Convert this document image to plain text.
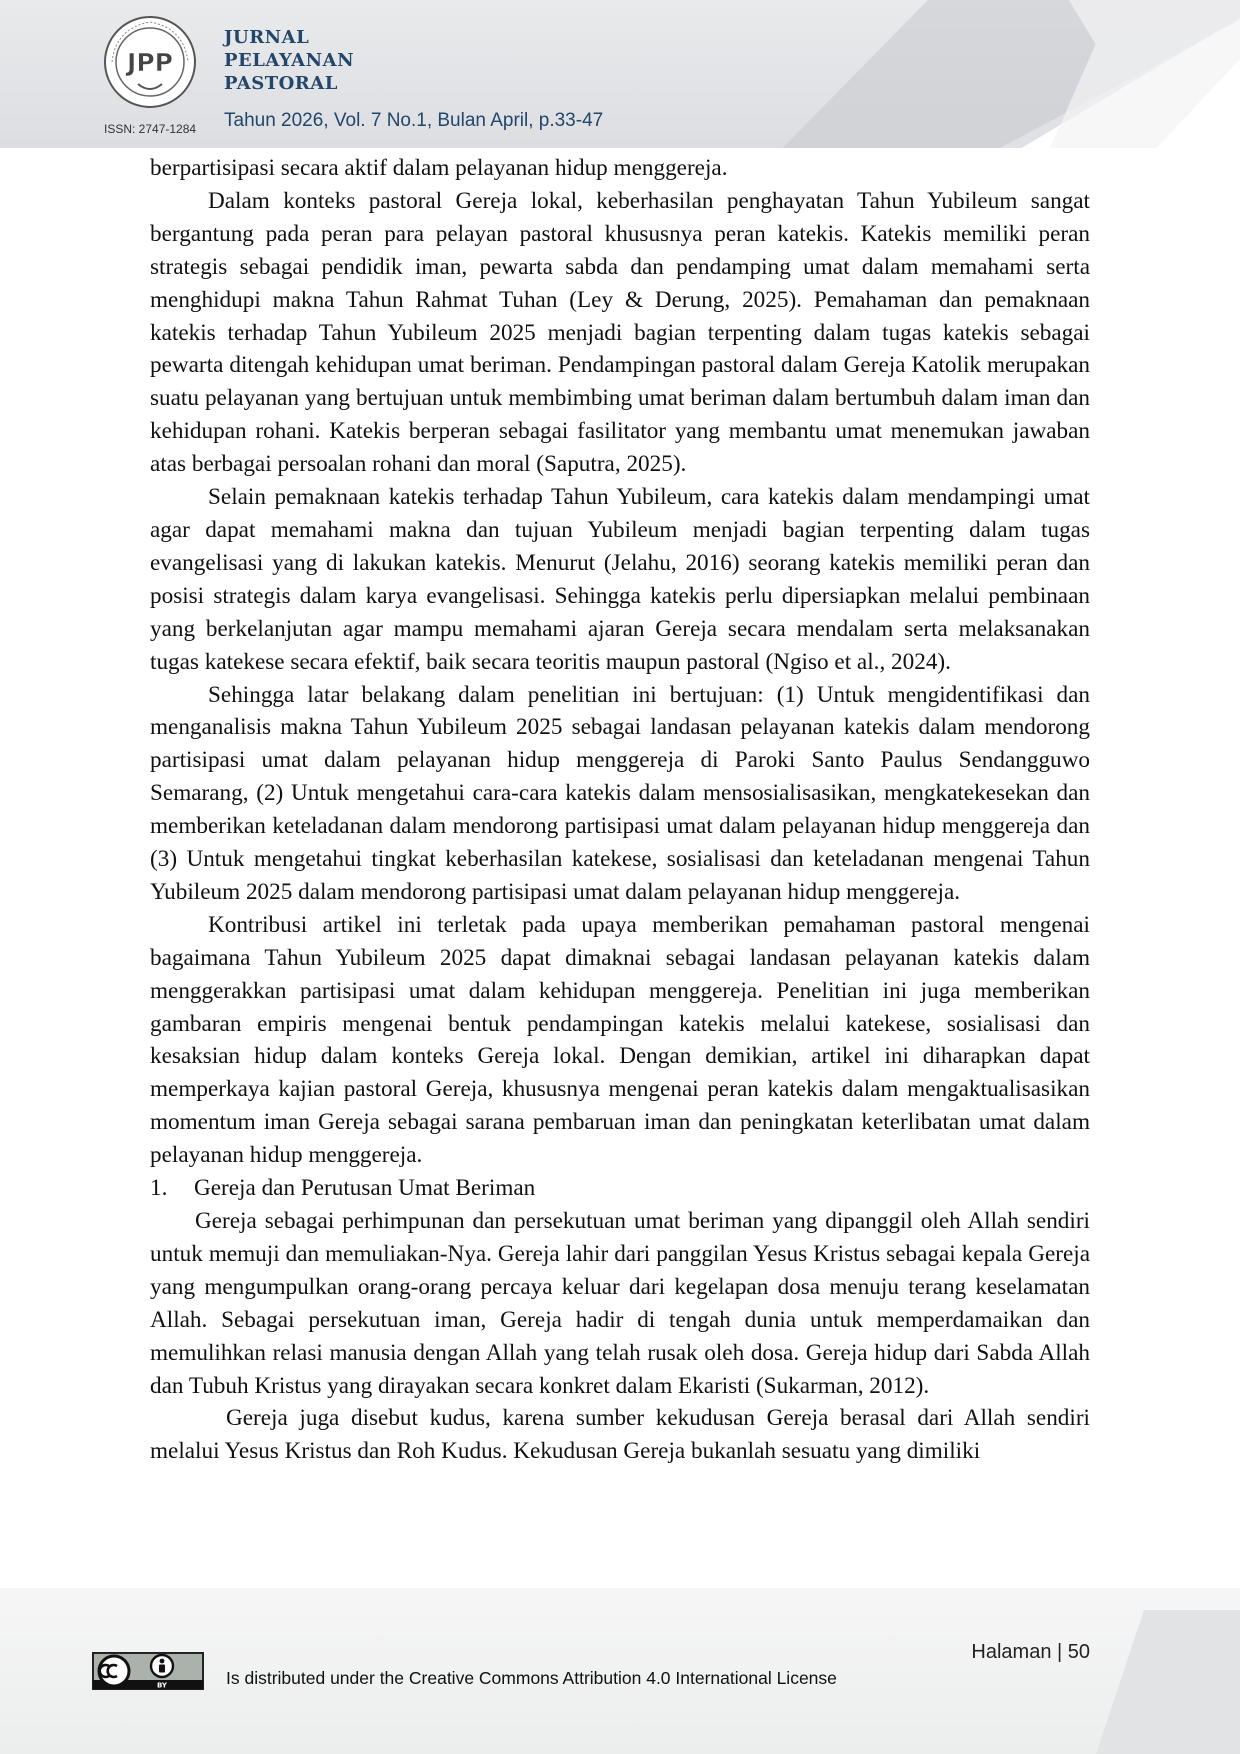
JPP
ISSN: 2747-1284
JURNAL
PELAYANAN
PASTORAL
Tahun 2026, Vol. 7 No.1, Bulan April, p.33-47

berpartisipasi secara aktif dalam pelayanan hidup menggereja.

Dalam konteks pastoral Gereja lokal, keberhasilan penghayatan Tahun Yubileum sangat bergantung pada peran para pelayan pastoral khususnya peran katekis. Katekis memiliki peran strategis sebagai pendidik iman, pewarta sabda dan pendamping umat dalam memahami serta menghidupi makna Tahun Rahmat Tuhan (Ley & Derung, 2025). Pemahaman dan pemaknaan katekis terhadap Tahun Yubileum 2025 menjadi bagian terpenting dalam tugas katekis sebagai pewarta ditengah kehidupan umat beriman. Pendampingan pastoral dalam Gereja Katolik merupakan suatu pelayanan yang bertujuan untuk membimbing umat beriman dalam bertumbuh dalam iman dan kehidupan rohani. Katekis berperan sebagai fasilitator yang membantu umat menemukan jawaban atas berbagai persoalan rohani dan moral (Saputra, 2025).

Selain pemaknaan katekis terhadap Tahun Yubileum, cara katekis dalam mendampingi umat agar dapat memahami makna dan tujuan Yubileum menjadi bagian terpenting dalam tugas evangelisasi yang di lakukan katekis. Menurut (Jelahu, 2016) seorang katekis memiliki peran dan posisi strategis dalam karya evangelisasi. Sehingga katekis perlu dipersiapkan melalui pembinaan yang berkelanjutan agar mampu memahami ajaran Gereja secara mendalam serta melaksanakan tugas katekese secara efektif, baik secara teoritis maupun pastoral (Ngiso et al., 2024).

Sehingga latar belakang dalam penelitian ini bertujuan: (1) Untuk mengidentifikasi dan menganalisis makna Tahun Yubileum 2025 sebagai landasan pelayanan katekis dalam mendorong partisipasi umat dalam pelayanan hidup menggereja di Paroki Santo Paulus Sendangguwo Semarang, (2) Untuk mengetahui cara-cara katekis dalam mensosialisasikan, mengkatekesekan dan memberikan keteladanan dalam mendorong partisipasi umat dalam pelayanan hidup menggereja dan (3) Untuk mengetahui tingkat keberhasilan katekese, sosialisasi dan keteladanan mengenai Tahun Yubileum 2025 dalam mendorong partisipasi umat dalam pelayanan hidup menggereja.

Kontribusi artikel ini terletak pada upaya memberikan pemahaman pastoral mengenai bagaimana Tahun Yubileum 2025 dapat dimaknai sebagai landasan pelayanan katekis dalam menggerakkan partisipasi umat dalam kehidupan menggereja. Penelitian ini juga memberikan gambaran empiris mengenai bentuk pendampingan katekis melalui katekese, sosialisasi dan kesaksian hidup dalam konteks Gereja lokal. Dengan demikian, artikel ini diharapkan dapat memperkaya kajian pastoral Gereja, khususnya mengenai peran katekis dalam mengaktualisasikan momentum iman Gereja sebagai sarana pembaruan iman dan peningkatan keterlibatan umat dalam pelayanan hidup menggereja.

1.	Gereja dan Perutusan Umat Beriman

Gereja sebagai perhimpunan dan persekutuan umat beriman yang dipanggil oleh Allah sendiri untuk memuji dan memuliakan-Nya. Gereja lahir dari panggilan Yesus Kristus sebagai kepala Gereja yang mengumpulkan orang-orang percaya keluar dari kegelapan dosa menuju terang keselamatan Allah. Sebagai persekutuan iman, Gereja hadir di tengah dunia untuk memperdamaikan dan memulihkan relasi manusia dengan Allah yang telah rusak oleh dosa. Gereja hidup dari Sabda Allah dan Tubuh Kristus yang dirayakan secara konkret dalam Ekaristi (Sukarman, 2012).

Gereja juga disebut kudus, karena sumber kekudusan Gereja berasal dari Allah sendiri melalui Yesus Kristus dan Roh Kudus. Kekudusan Gereja bukanlah sesuatu yang dimiliki

BY
Halaman | 50
Is distributed under the Creative Commons Attribution 4.0 International License
